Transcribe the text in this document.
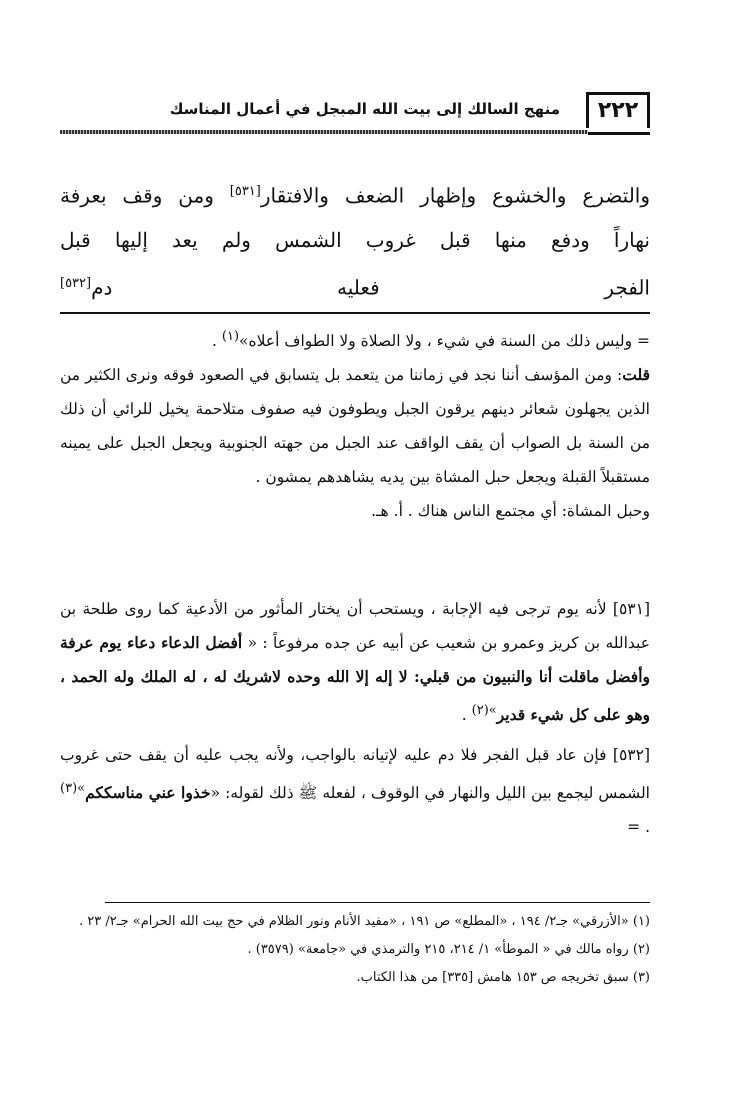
منهج السالك إلى بيت الله المبجل في أعمال المناسك	٢٢٢
والتضرع والخشوع وإظهار الضعف والافتقار[٥٣١] ومن وقف بعرفة
نهاراً ودفع منها قبل غروب الشمس ولم يعد إليها قبل
الفجر فعليه دم[٥٣٢]

= وليس ذلك من السنة في شيء ، ولا الصلاة ولا الطواف أعلاه»$^{(١)}$ .

قلت: ومن المؤسف أننا نجد في زماننا من يتعمد بل يتسابق في الصعود فوقه ونرى الكثير من الذين يجهلون شعائر دينهم يرقون الجبل ويطوفون فيه صفوف متلاحمة يخيل للرائي أن ذلك من السنة بل الصواب أن يقف الواقف عند الجبل من جهته الجنوبية ويجعل الجبل على يمينه مستقبلاً القبلة ويجعل حبل المشاة بين يديه يشاهدهم يمشون .

وحبل المشاة: أي مجتمع الناس هناك . أ. هـ.

[٥٣١] لأنه يوم ترجى فيه الإجابة ، ويستحب أن يختار المأثور من الأدعية كما روى طلحة بن عبدالله بن كريز وعمرو بن شعيب عن أبيه عن جده مرفوعاً : « أفضل الدعاء دعاء يوم عرفة وأفضل ماقلت أنا والنبيون من قبلي: لا إله إلا الله وحده لاشريك له ، له الملك وله الحمد ، وهو على كل شيء قدير$^{»(٢)}$ .

[٥٣٢] فإن عاد قبل الفجر فلا دم عليه لإتيانه بالواجب، ولأنه يجب عليه أن يقف حتى غروب الشمس ليجمع بين الليل والنهار في الوقوف ، لفعله ﷺ ذلك لقوله: «خذوا عني مناسككم$^{»(٣)}$ . =

(١) «الأزرقي» جـ٢/ ١٩٤ ، «المطلع» ص ١٩١ ، «مفيد الأنام ونور الظلام في حج بيت الله الحرام» جـ٢/ ٢٣ .

(٢) رواه مالك في « الموطأ» ١/ ٢١٤، ٢١٥ والترمذي في «جامعة» (٣٥٧٩) .

(٣) سبق تخريجه ص ١٥٣ هامش [٣٣٥] من هذا الكتاب.
